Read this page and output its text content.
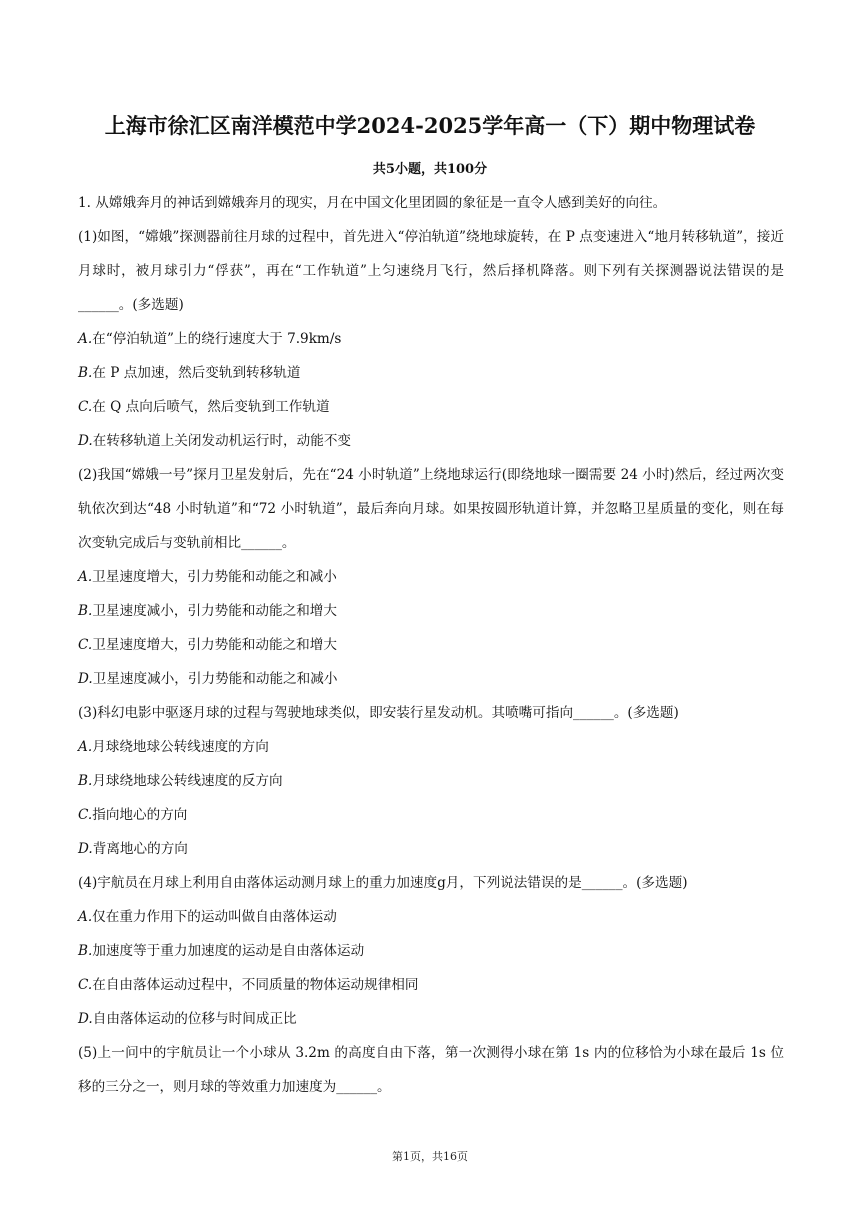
上海市徐汇区南洋模范中学2024-2025学年高一（下）期中物理试卷
共5小题，共100分

1. 从嫦娥奔月的神话到嫦娥奔月的现实，月在中国文化里团圆的象征是一直令人感到美好的向往。

(1)如图，“嫦娥”探测器前往月球的过程中，首先进入“停泊轨道”绕地球旋转，在 P 点变速进入“地月转移轨道”，接近月球时，被月球引力“俘获”，再在“工作轨道”上匀速绕月飞行，然后择机降落。则下列有关探测器说法错误的是______。(多选题)

A.在“停泊轨道”上的绕行速度大于 7.9km/s

B.在 P 点加速，然后变轨到转移轨道

C.在 Q 点向后喷气，然后变轨到工作轨道

D.在转移轨道上关闭发动机运行时，动能不变

(2)我国“嫦娥一号”探月卫星发射后，先在“24 小时轨道”上绕地球运行(即绕地球一圈需要 24 小时)然后，经过两次变轨依次到达“48 小时轨道”和“72 小时轨道”，最后奔向月球。如果按圆形轨道计算，并忽略卫星质量的变化，则在每次变轨完成后与变轨前相比______。

A.卫星速度增大，引力势能和动能之和减小

B.卫星速度减小，引力势能和动能之和增大

C.卫星速度增大，引力势能和动能之和增大

D.卫星速度减小，引力势能和动能之和减小

(3)科幻电影中驱逐月球的过程与驾驶地球类似，即安装行星发动机。其喷嘴可指向______。(多选题)

A.月球绕地球公转线速度的方向

B.月球绕地球公转线速度的反方向

C.指向地心的方向

D.背离地心的方向

(4)宇航员在月球上利用自由落体运动测月球上的重力加速度g月，下列说法错误的是______。(多选题)

A.仅在重力作用下的运动叫做自由落体运动

B.加速度等于重力加速度的运动是自由落体运动

C.在自由落体运动过程中，不同质量的物体运动规律相同

D.自由落体运动的位移与时间成正比

(5)上一问中的宇航员让一个小球从 3.2m 的高度自由下落，第一次测得小球在第 1s 内的位移恰为小球在最后 1s 位移的三分之一，则月球的等效重力加速度为______。

第1页，共16页
